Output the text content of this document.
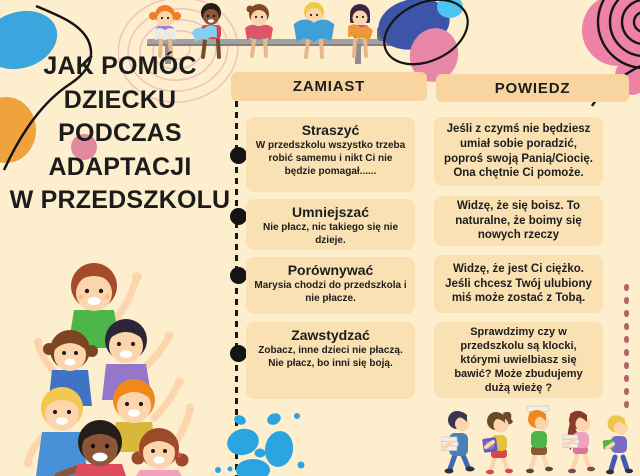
JAK POMÓC
DZIECKU
PODCZAS
ADAPTACJI
W PRZEDSZKOLU
ZAMIAST
Straszyć

W przedszkolu wszystko trzeba robić samemu i nikt Ci nie będzie pomagał......

Umniejszać

Nie płacz, nic takiego się nie dzieje.

Porównywać

Marysia chodzi do przedszkola i nie płacze.

Zawstydzać

Zobacz, inne dzieci nie płaczą. Nie płacz, bo inni się boją.

POWIEDZ

Jeśli z czymś nie będziesz umiał sobie poradzić, poproś swoją Panią/Ciocię. Ona chętnie Ci pomoże.

Widzę, że się boisz. To naturalne, że boimy się nowych rzeczy

Widzę, że jest Ci ciężko. Jeśli chcesz Twój ulubiony miś może zostać z Tobą.

Sprawdzimy czy w przedszkolu są klocki, którymi uwielbiasz się bawić? Może zbudujemy dużą wieżę ?
